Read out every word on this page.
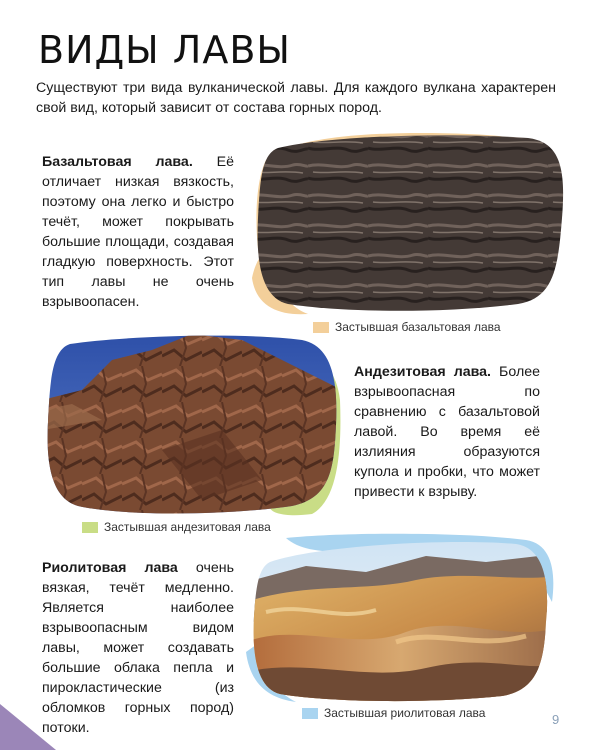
ВИДЫ ЛАВЫ
Существуют три вида вулканической лавы. Для каждого вулкана характерен свой вид, который зависит от состава горных пород.
Базальтовая лава. Её отличает низкая вязкость, поэтому она легко и быстро течёт, может покрывать большие площади, создавая гладкую поверхность. Этот тип лавы не очень взрывоопасен.
Застывшая базальтовая лава
Андезитовая лава. Более взрывоопасная по сравнению с базальтовой лавой. Во время её излияния образуются купола и пробки, что может привести к взрыву.
Застывшая андезитовая лава
Риолитовая лава очень вязкая, течёт медленно. Является наиболее взрывоопасным видом лавы, может создавать большие облака пепла и пирокластические (из обломков горных пород) потоки.
Застывшая риолитовая лава	9
